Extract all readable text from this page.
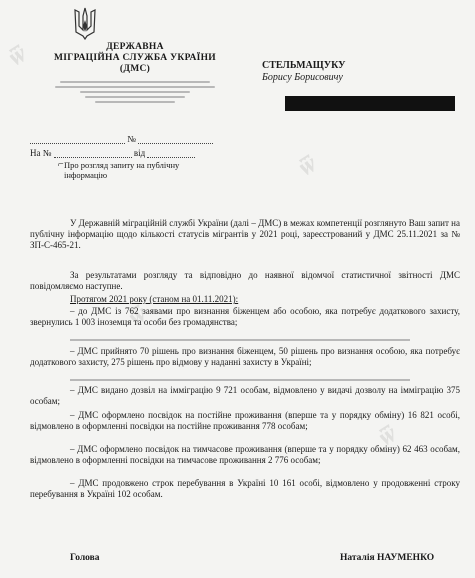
ѿ
ѿ
ѿ
ѿ
ДЕРЖАВНА
МІГРАЦІЙНА СЛУЖБА УКРАЇНИ
(ДМС)
№
На №	від
⌐ Про розгляд запиту на публічну інформацію
СТЕЛЬМАЩУКУ
Борису Борисовичу
У Державній міграційній службі України (далі – ДМС) в межах компетенції розглянуто Ваш запит на публічну інформацію щодо кількості статусів мігрантів у 2021 році, зареєстрований у ДМС 25.11.2021 за № ЗП-С-465-21.
За результатами розгляду та відповідно до наявної відомчої статистичної звітності ДМС повідомляємо наступне.
Протягом 2021 року (станом на 01.11.2021):
– до ДМС із 762 заявами про визнання біженцем або особою, яка потребує додаткового захисту, звернулись 1 003 іноземця та особи без громадянства;
– ДМС прийнято 70 рішень про визнання біженцем, 50 рішень про визнання особою, яка потребує додаткового захисту, 275 рішень про відмову у наданні захисту в Україні;
– ДМС видано дозвіл на імміграцію 9 721 особам, відмовлено у видачі дозволу на імміграцію 375 особам;
– ДМС оформлено посвідок на постійне проживання (вперше та у порядку обміну) 16 821 особі, відмовлено в оформленні посвідки на постійне проживання 778 особам;
– ДМС оформлено посвідок на тимчасове проживання (вперше та у порядку обміну) 62 463 особам, відмовлено в оформленні посвідки на тимчасове проживання 2 776 особам;
– ДМС продовжено строк перебування в Україні 10 161 особі, відмовлено у продовженні строку перебування в Україні 102 особам.
Голова	Наталія НАУМЕНКО
